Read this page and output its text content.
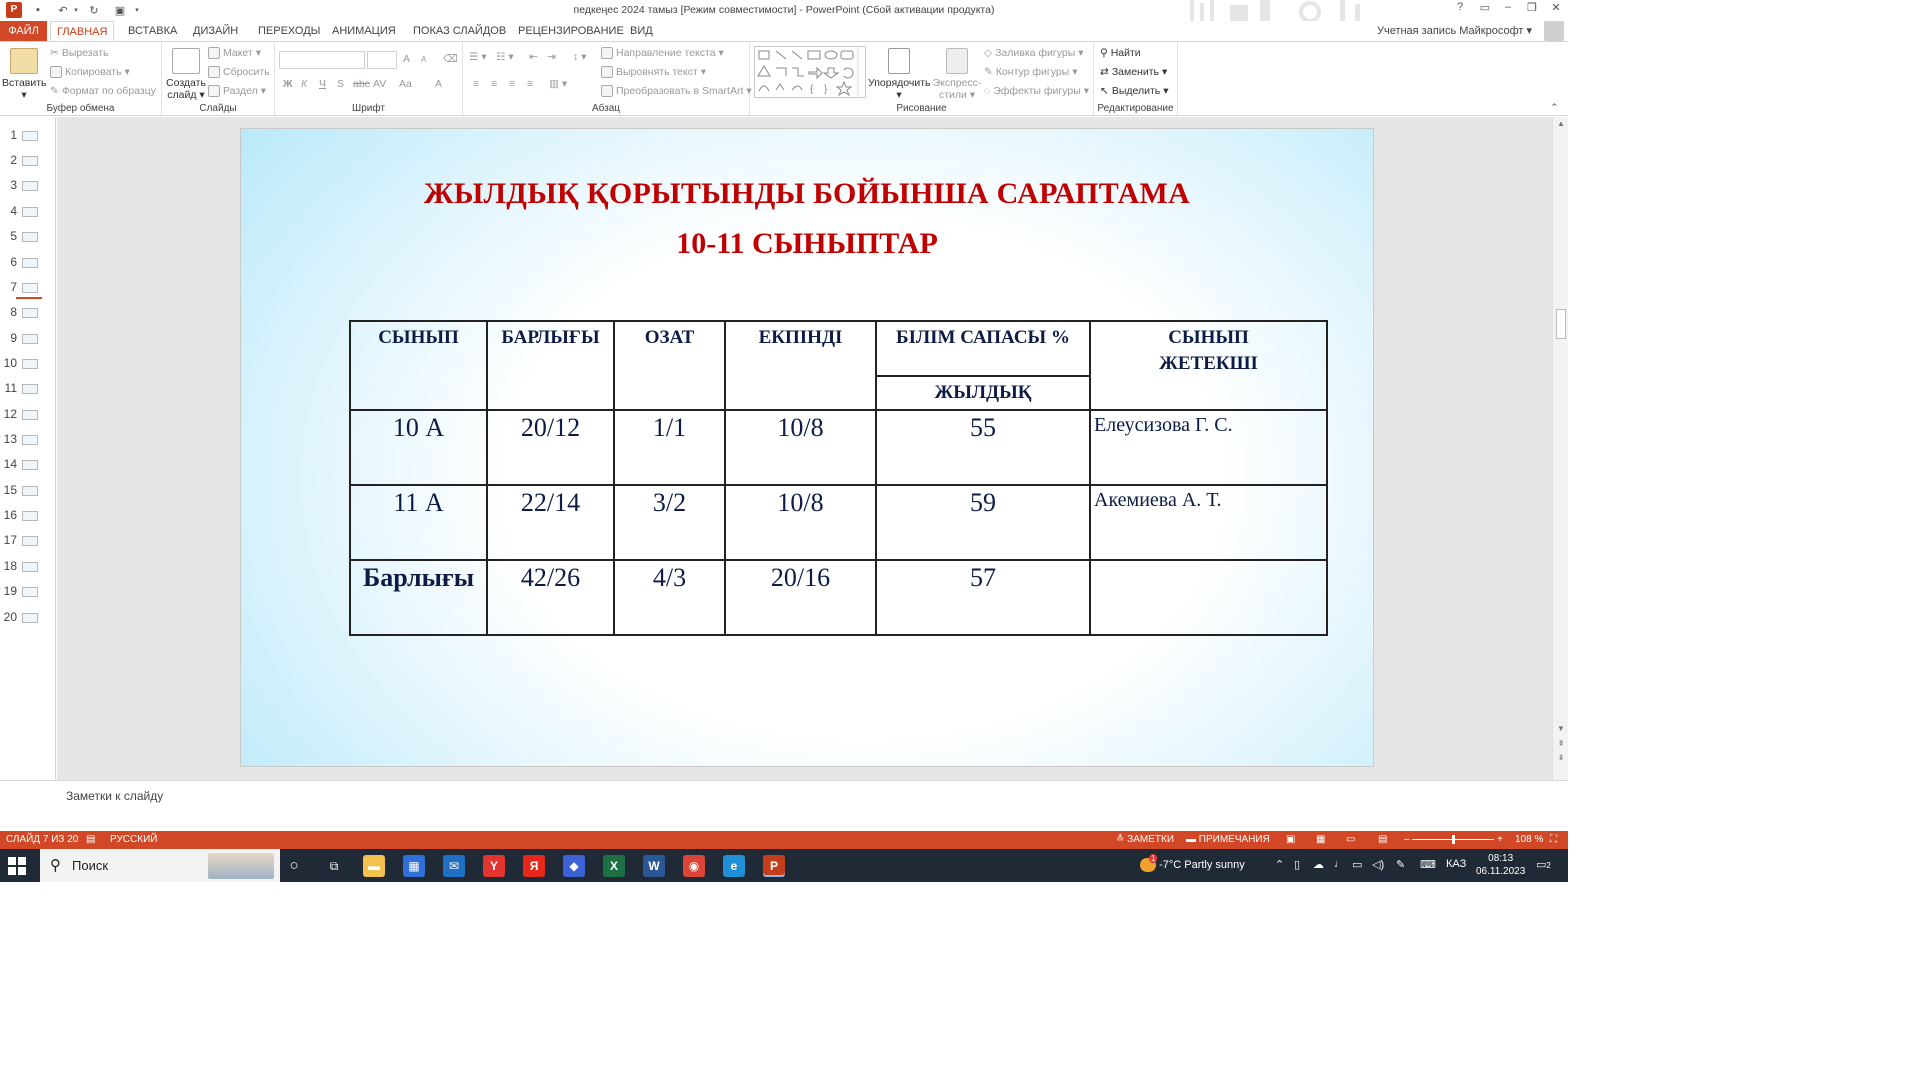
P	▪	↶ ▾	↻	▣	▾	педкеңес 2024 тамыз [Режим совместимости] - PowerPoint (Сбой активации продукта)	?	▭	–	❐	✕
ФАЙЛ	ГЛАВНАЯ	ВСТАВКА	ДИЗАЙН	ПЕРЕХОДЫ	АНИМАЦИЯ	ПОКАЗ СЛАЙДОВ	РЕЦЕНЗИРОВАНИЕ ВИД	Учетная запись Майкрософт ▾
Вставить
▾
✂ Вырезать
Копировать ▾
✎ Формат по образцу
Буфер обмена
Создать слайд ▾
Макет ▾
Сбросить
Раздел ▾
Слайды
A A ⌫
Ж К Ч S abc AV Aa A
Шрифт
☰ ▾ ☷ ▾ ⇤ ⇥ ↕ ▾
≡ ≡ ≡ ≡ ▥ ▾
Направление текста ▾
Выровнять текст ▾
Преобразовать в SmartArt ▾
Абзац
{ }
Упорядочить
▾
Экспресс-стили ▾
◇ Заливка фигуры ▾
✎ Контур фигуры ▾
◌ Эффекты фигуры ▾
Рисование
⚲ Найти
⇄ Заменить ▾
↖ Выделить ▾
Редактирование	⌃
1
2
3
4
5
6
7
8
9
10
11
12
13
14
15
16
17
18
19
20
ЖЫЛДЫҚ ҚОРЫТЫНДЫ БОЙЫНША САРАПТАМА
10-11 СЫНЫПТАР
СЫНЫП	БАРЛЫҒЫ	ОЗАТ	ЕКПІНДІ	БІЛІМ САПАСЫ %	СЫНЫП ЖЕТЕКШІ
				ЖЫЛДЫҚ	
10 А	20/12	1/1	10/8	55	Елеусизова Г. С.
11 А	22/14	3/2	10/8	59	Акемиева А. Т.
Барлығы	42/26	4/3	20/16	57	
▲
▼
⇞
⇟
Заметки к слайду
СЛАЙД 7 ИЗ 20 ▤ РУССКИЙ	≛ ЗАМЕТКИ ▬ ПРИМЕЧАНИЯ ▣ ▦ ▭ ▤ –	+ 108 % ⛶
⚲ Поиск	○	⧉	▬	▦	✉	Y	Я	◆	X	W	◉	e	P
1
-7°C Partly sunny	⌃ ▯ ☁ ♩ ▭ ◁) ✎ ⌨ КАЗ	08:13
06.11.2023
▭2
